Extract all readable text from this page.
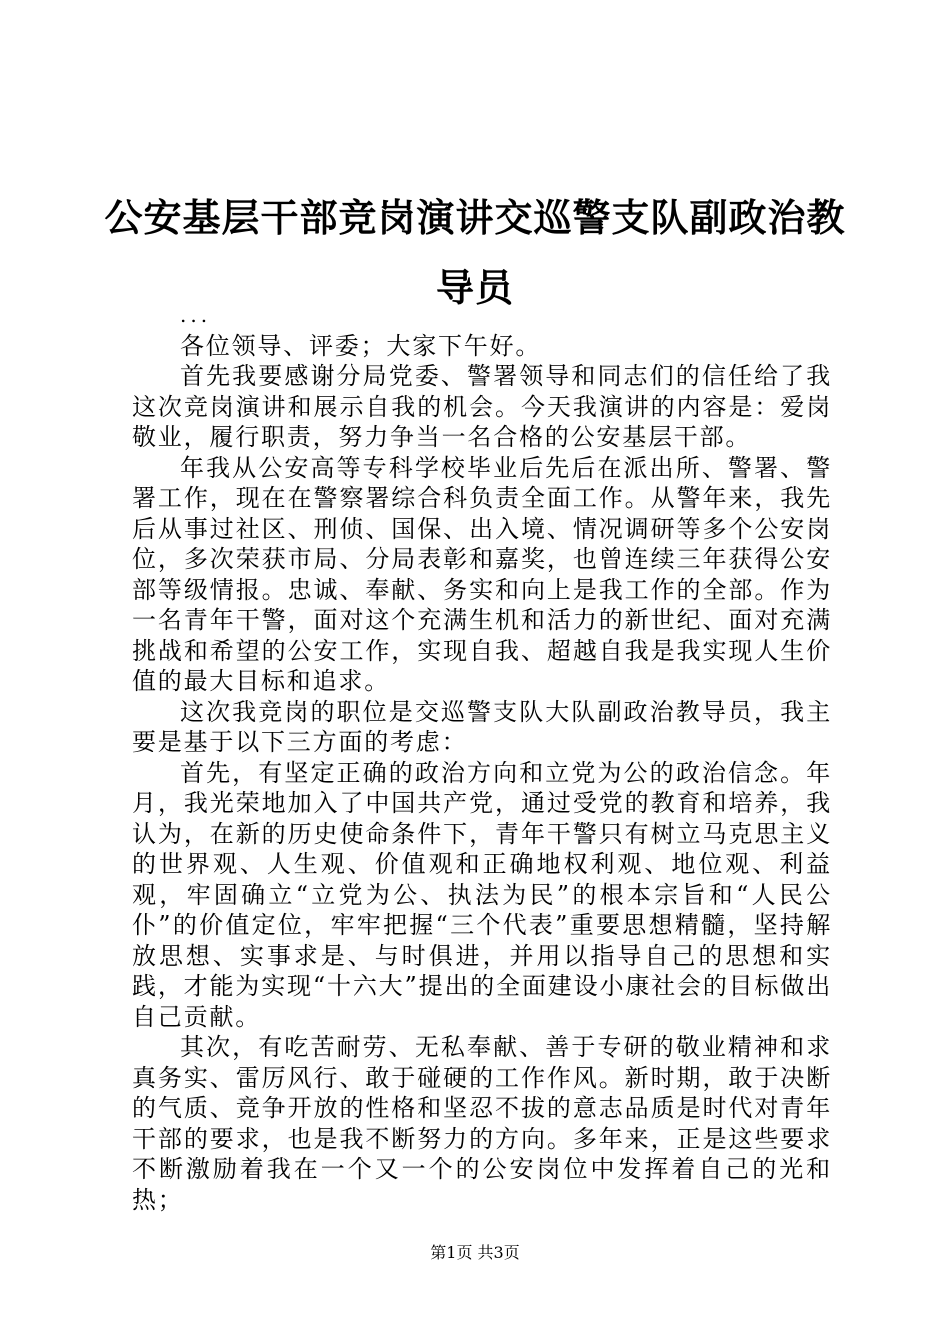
公安基层干部竞岗演讲交巡警支队副政治教导员

...

各位领导、评委；大家下午好。

首先我要感谢分局党委、警署领导和同志们的信任给了我这次竞岗演讲和展示自我的机会。今天我演讲的内容是：爱岗敬业，履行职责，努力争当一名合格的公安基层干部。

年我从公安高等专科学校毕业后先后在派出所、警署、警署工作，现在在警察署综合科负责全面工作。从警年来，我先后从事过社区、刑侦、国保、出入境、情况调研等多个公安岗位，多次荣获市局、分局表彰和嘉奖，也曾连续三年获得公安部等级情报。忠诚、奉献、务实和向上是我工作的全部。作为一名青年干警，面对这个充满生机和活力的新世纪、面对充满挑战和希望的公安工作，实现自我、超越自我是我实现人生价值的最大目标和追求。

这次我竞岗的职位是交巡警支队大队副政治教导员，我主要是基于以下三方面的考虑：

首先，有坚定正确的政治方向和立党为公的政治信念。年月，我光荣地加入了中国共产党，通过受党的教育和培养，我认为，在新的历史使命条件下，青年干警只有树立马克思主义的世界观、人生观、价值观和正确地权利观、地位观、利益观，牢固确立“立党为公、执法为民”的根本宗旨和“人民公仆”的价值定位，牢牢把握“三个代表”重要思想精髓，坚持解放思想、实事求是、与时俱进，并用以指导自己的思想和实践，才能为实现“十六大”提出的全面建设小康社会的目标做出自己贡献。

其次，有吃苦耐劳、无私奉献、善于专研的敬业精神和求真务实、雷厉风行、敢于碰硬的工作作风。新时期，敢于决断的气质、竞争开放的性格和坚忍不拔的意志品质是时代对青年干部的要求，也是我不断努力的方向。多年来，正是这些要求不断激励着我在一个又一个的公安岗位中发挥着自己的光和热；

第1页 共3页
